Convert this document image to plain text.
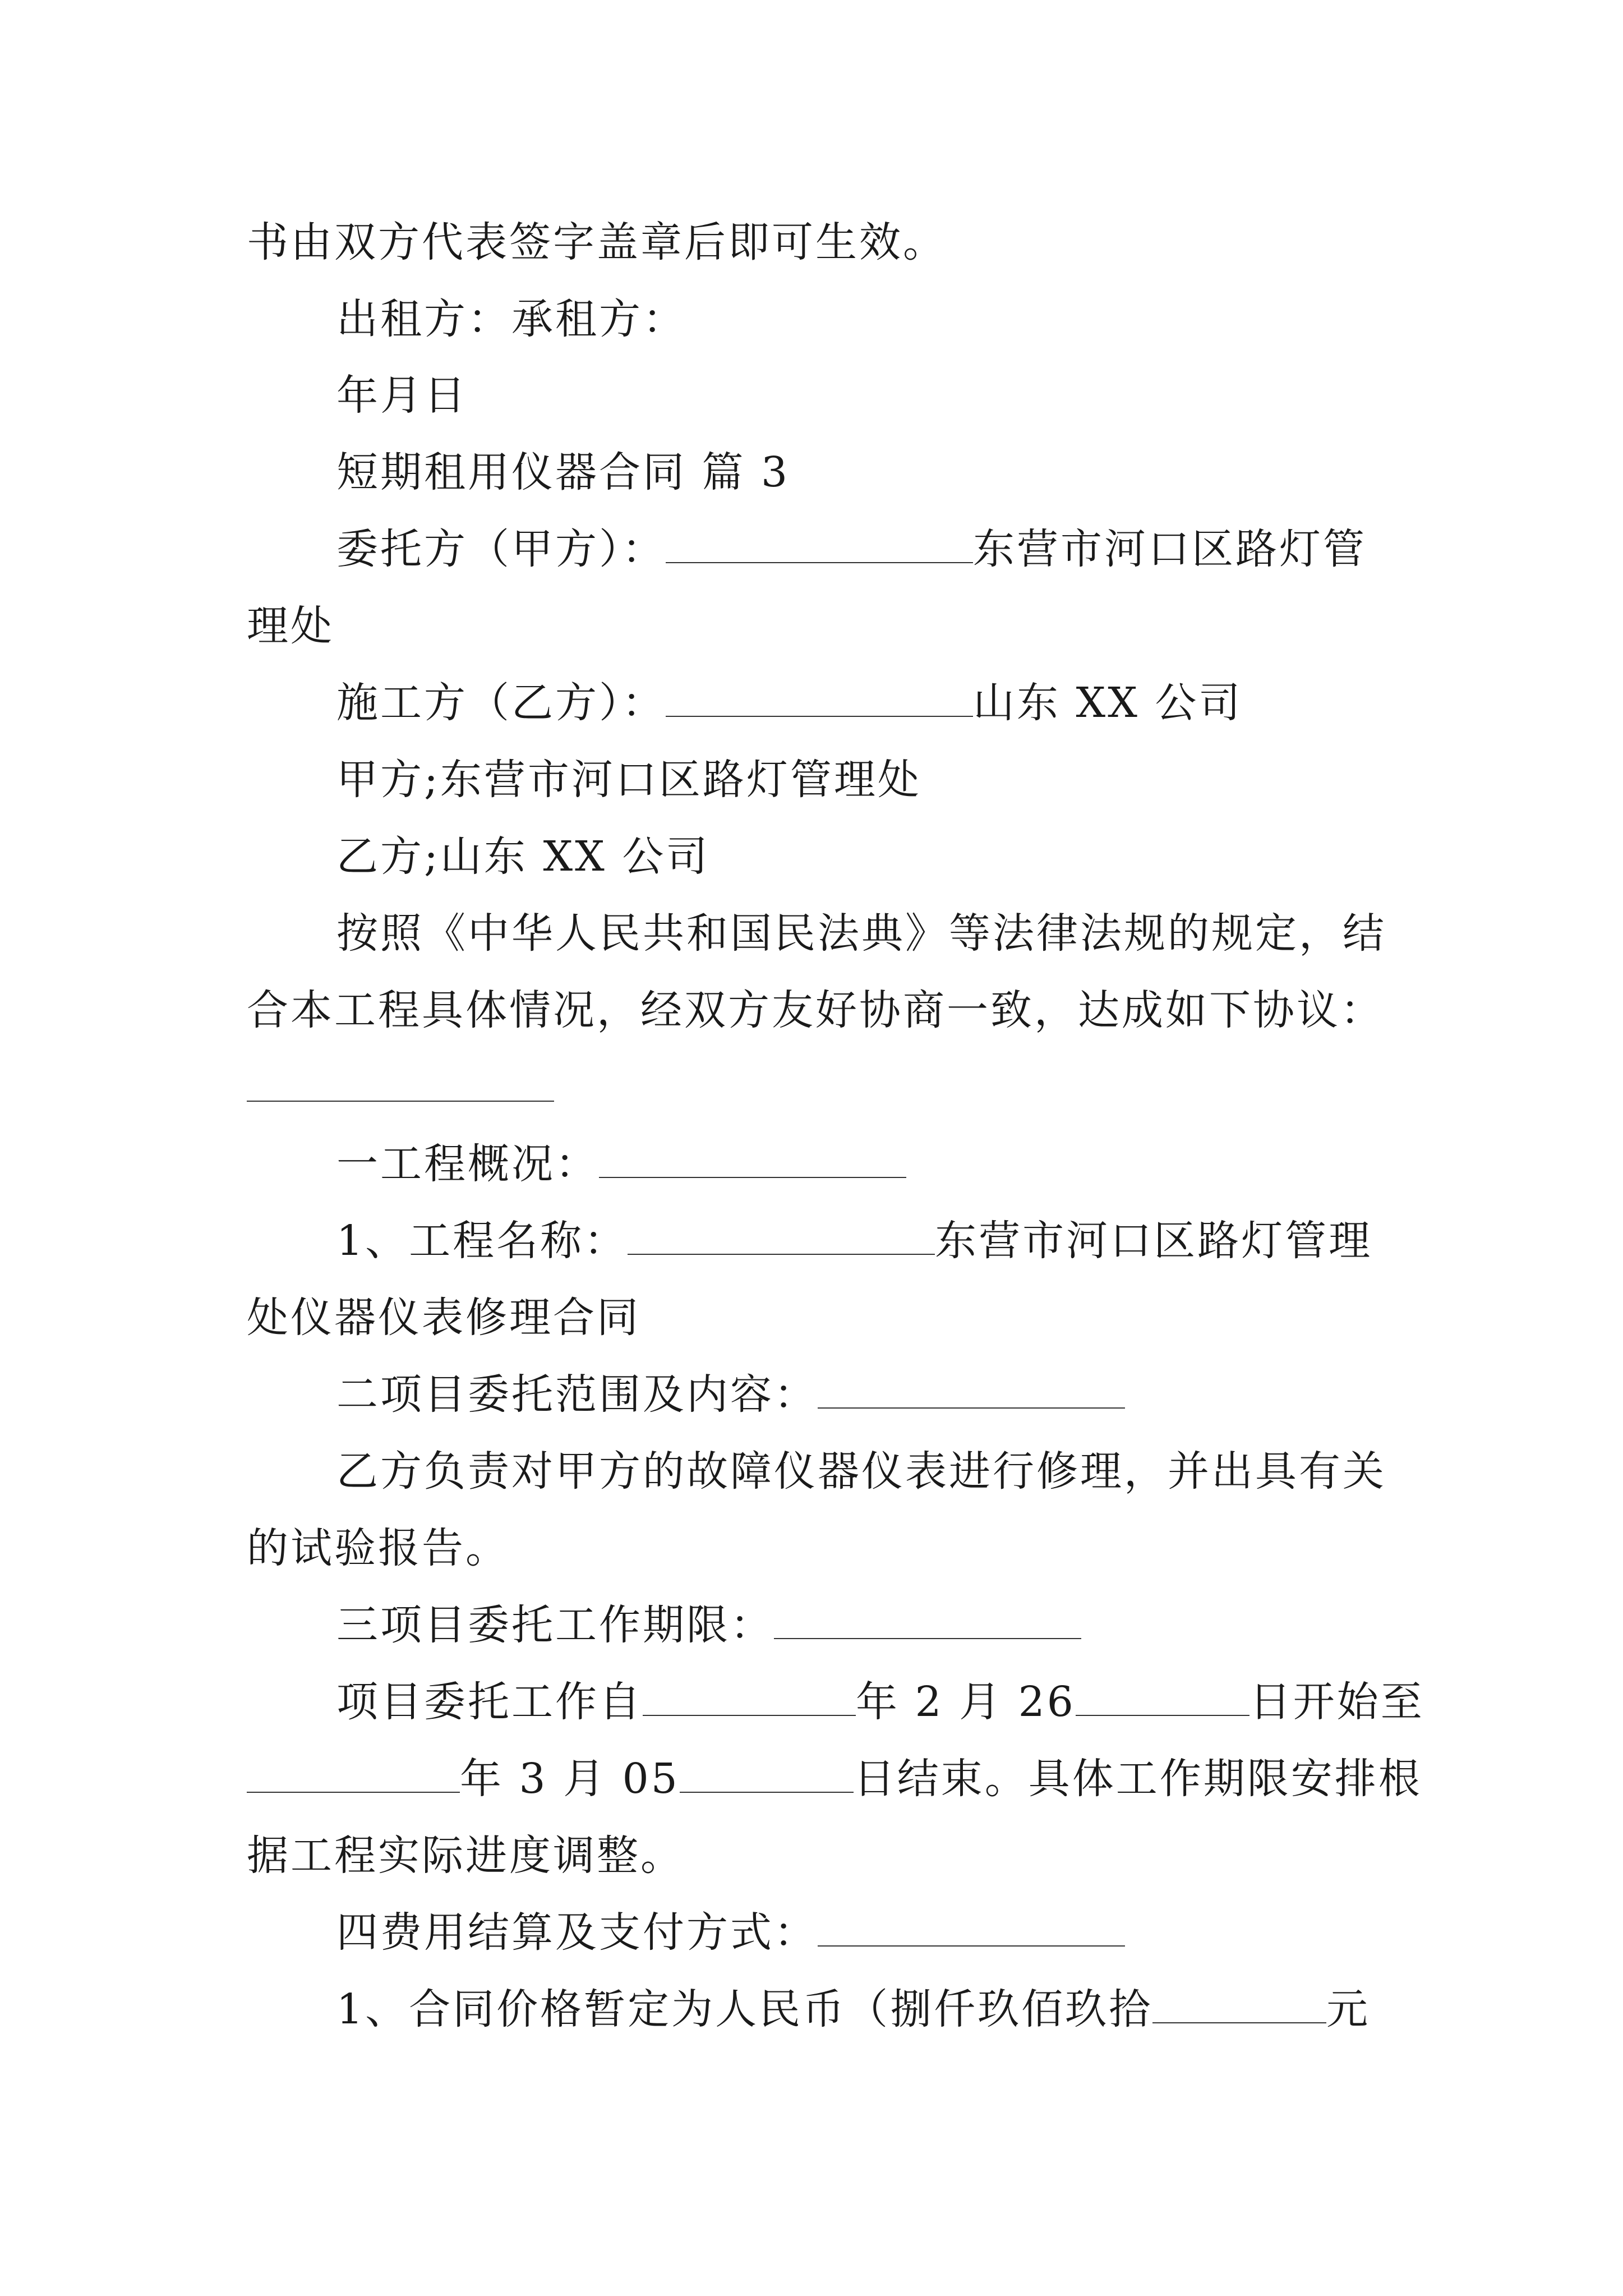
书由双方代表签字盖章后即可生效。
出租方：承租方：
年月日
短期租用仪器合同 篇 3
委托方（甲方）：	东营市河口区路灯管
理处
施工方（乙方）：	山东 XX 公司
甲方;东营市河口区路灯管理处
乙方;山东 XX 公司
按照《中华人民共和国民法典》等法律法规的规定，结
合本工程具体情况，经双方友好协商一致，达成如下协议：
一工程概况：
1、工程名称：	东营市河口区路灯管理
处仪器仪表修理合同
二项目委托范围及内容：
乙方负责对甲方的故障仪器仪表进行修理，并出具有关
的试验报告。
三项目委托工作期限：
项目委托工作自	年 2 月 26	日开始至
年 3 月 05	日结束。具体工作期限安排根
据工程实际进度调整。
四费用结算及支付方式：
1、合同价格暂定为人民币（捌仟玖佰玖拾	元
